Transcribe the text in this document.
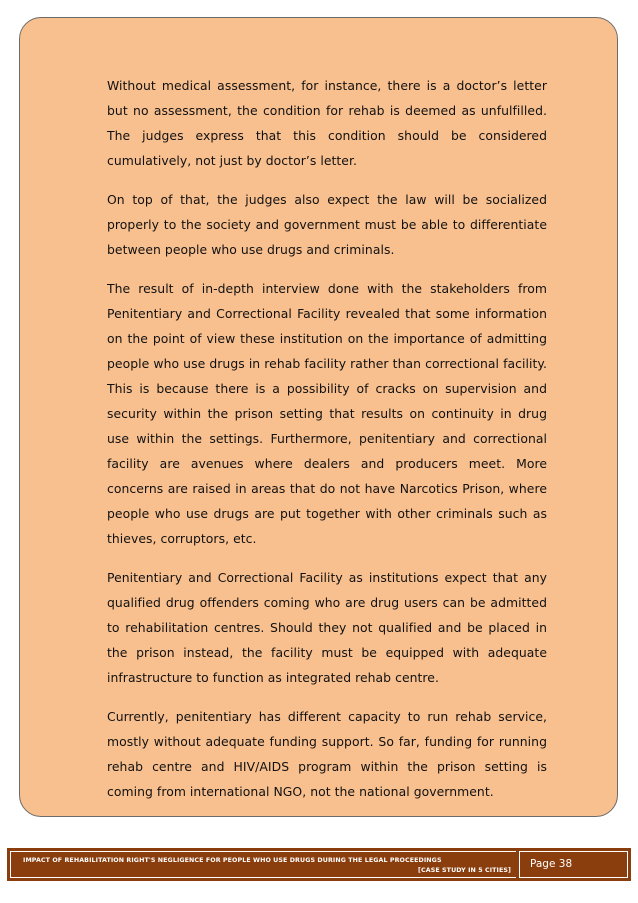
Without medical assessment, for instance, there is a doctor’s letter but no assessment, the condition for rehab is deemed as unfulfilled. The judges express that this condition should be considered cumulatively, not just by doctor’s letter.

On top of that, the judges also expect the law will be socialized properly to the society and government must be able to differentiate between people who use drugs and criminals.

The result of in-depth interview done with the stakeholders from Penitentiary and Correctional Facility revealed that some information on the point of view these institution on the importance of admitting people who use drugs in rehab facility rather than correctional facility. This is because there is a possibility of cracks on supervision and security within the prison setting that results on continuity in drug use within the settings. Furthermore, penitentiary and correctional facility are avenues where dealers and producers meet. More concerns are raised in areas that do not have Narcotics Prison, where people who use drugs are put together with other criminals such as thieves, corruptors, etc.

Penitentiary and Correctional Facility as institutions expect that any qualified drug offenders coming who are drug users can be admitted to rehabilitation centres. Should they not qualified and be placed in the prison instead, the facility must be equipped with adequate infrastructure to function as integrated rehab centre.

Currently, penitentiary has different capacity to run rehab service, mostly without adequate funding support. So far, funding for running rehab centre and HIV/AIDS program within the prison setting is coming from international NGO, not the national government.

IMPACT OF REHABILITATION RIGHT'S NEGLIGENCE FOR PEOPLE WHO USE DRUGS DURING THE LEGAL PROCEEDINGS
[CASE STUDY IN 5 CITIES]
Page 38
